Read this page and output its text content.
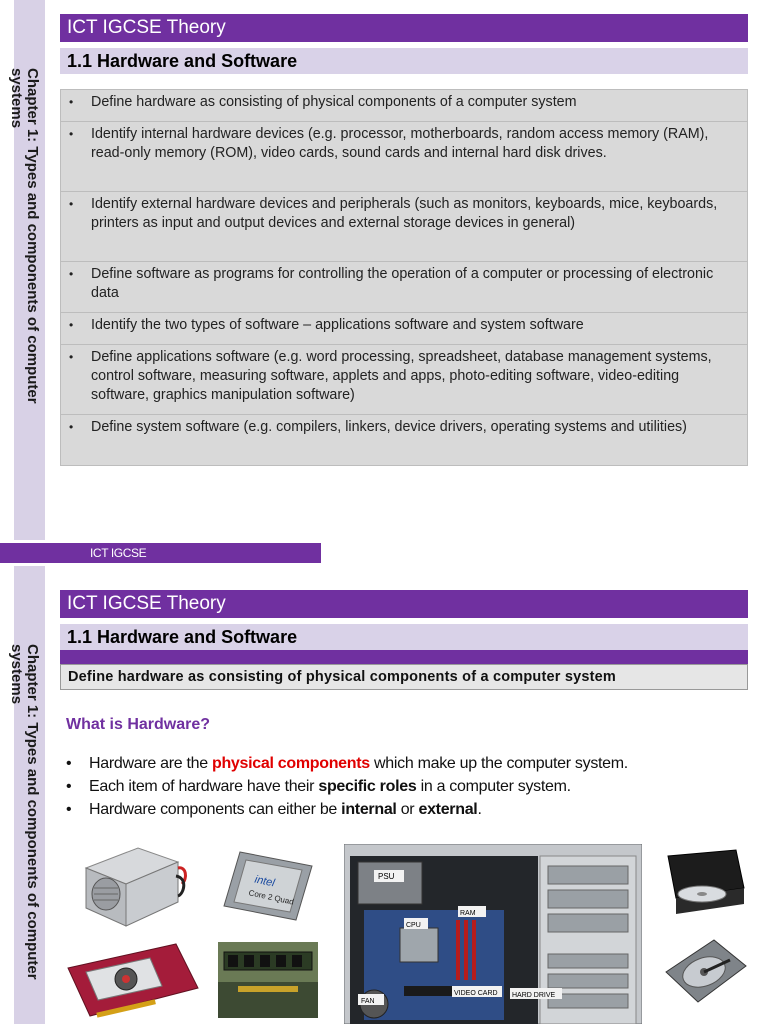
Chapter 1: Types and components of computer
systems
ICT IGCSE Theory
1.1 Hardware and Software
• Define hardware as consisting of physical components of a computer system

• Identify internal hardware devices (e.g. processor, motherboards, random access memory (RAM), read-only memory (ROM), video cards, sound cards and internal hard disk drives.

• Identify external hardware devices and peripherals (such as monitors, keyboards, mice, keyboards, printers as input and output devices and external storage devices in general)

• Define software as programs for controlling the operation of a computer or processing of electronic data

• Identify the two types of software – applications software and system software

• Define applications software (e.g. word processing, spreadsheet, database management systems, control software, measuring software, applets and apps, photo-editing software, video-editing software, graphics manipulation software)

• Define system software (e.g. compilers, linkers, device drivers, operating systems and utilities)
ICT IGCSE
Chapter 1: Types and components of computer
systems
ICT IGCSE Theory
1.1 Hardware and Software
Define hardware as consisting of physical components of a computer system
What is Hardware?
• Hardware are the physical components which make up the computer system.
• Each item of hardware have their specific roles in a computer system.
• Hardware components can either be internal or external.
intel
Core 2 Quad
PSU
CPU
RAM
VIDEO CARD
FAN
HARD DRIVE
